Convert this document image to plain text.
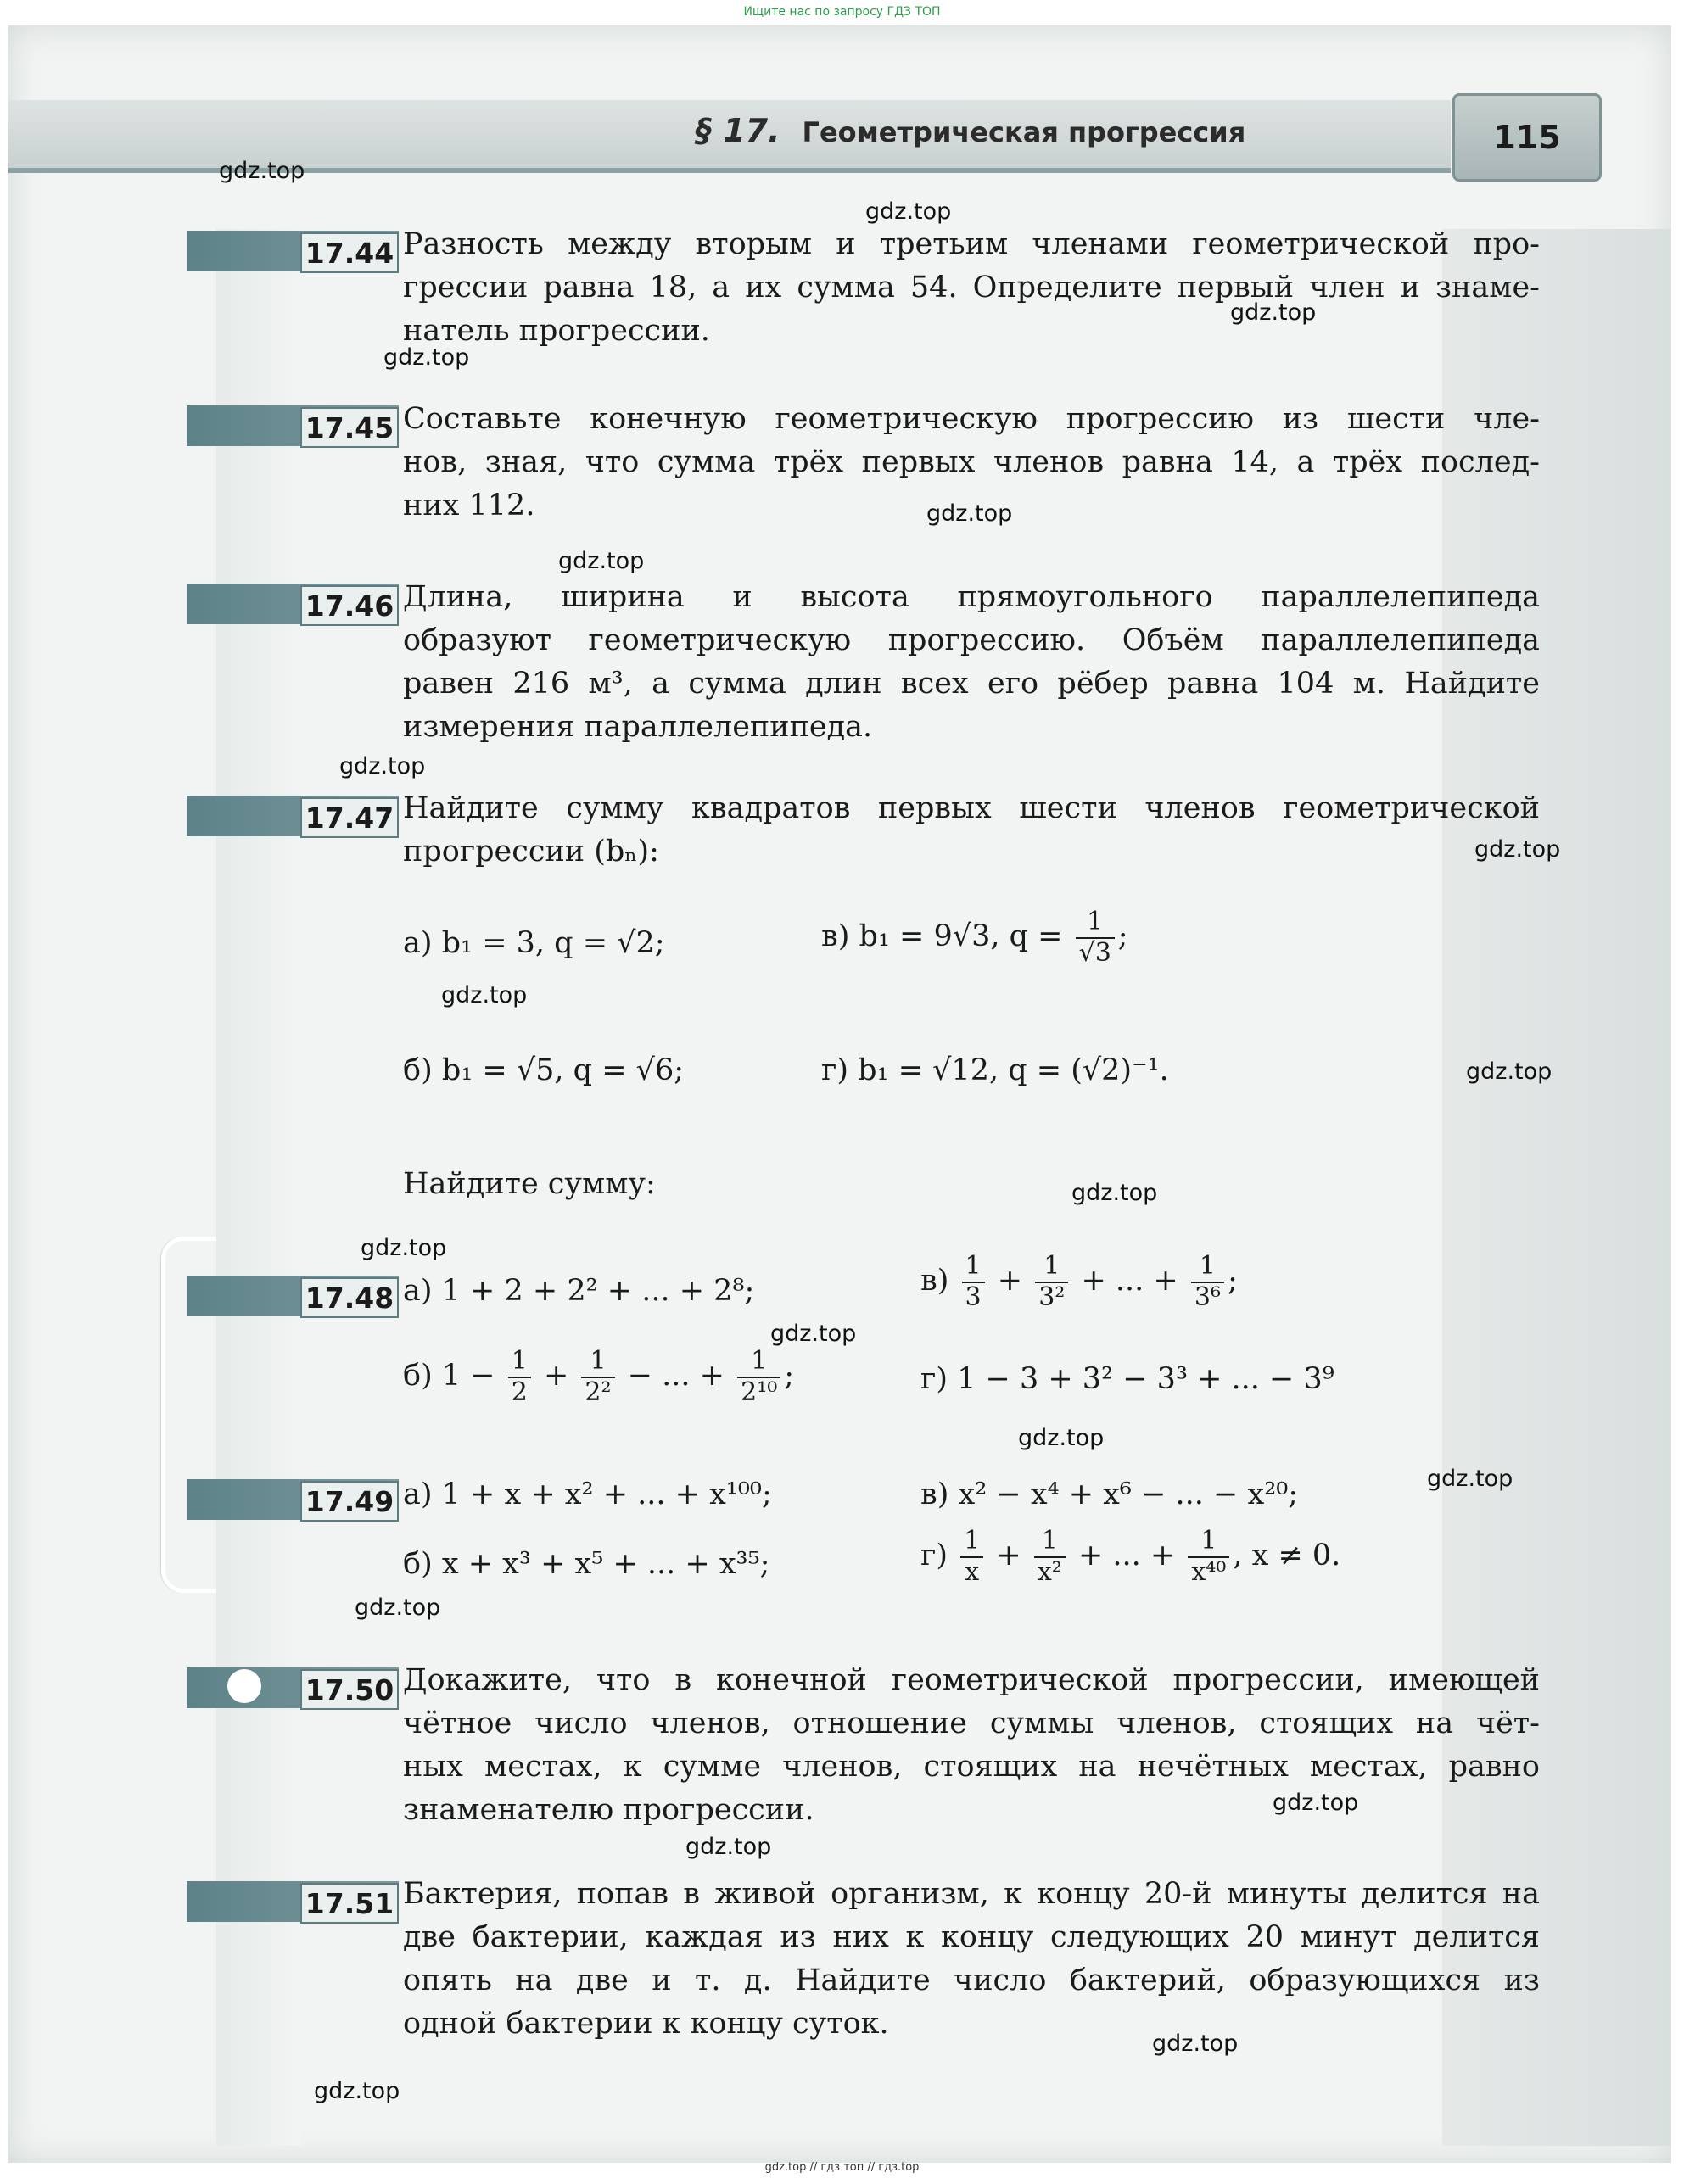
Ищите нас по запросу ГДЗ ТОП
§ 17. Геометрическая прогрессия	115
gdz.top
gdz.top
gdz.top
gdz.top
gdz.top
gdz.top
gdz.top
gdz.top
gdz.top
gdz.top
gdz.top
gdz.top
gdz.top
gdz.top
gdz.top
gdz.top
gdz.top
gdz.top
gdz.top
gdz.top
17.44 Разность между вторым и третьим членами геометрической про-
грессии равна 18, а их сумма 54. Определите первый член и знаме-
натель прогрессии.
17.45 Составьте конечную геометрическую прогрессию из шести чле-
нов, зная, что сумма трёх первых членов равна 14, а трёх послед-
них 112.
17.46 Длина, ширина и высота прямоугольного параллелепипеда
образуют геометрическую прогрессию. Объём параллелепипеда
равен 216 м³, а сумма длин всех его рёбер равна 104 м. Найдите
измерения параллелепипеда.
17.47 Найдите сумму квадратов первых шести членов геометрической
прогрессии (bₙ):
а) b₁ = 3, q = √2;	в) b₁ = 9√3, $q = \frac{1}{√3}$ ;
б) b₁ = √5, q = √6;	г) b₁ = √12, q = (√2)⁻¹.
Найдите сумму:
17.48 а) 1 + 2 + 2² + ... + 2⁸;	$в) \frac{1}{3} + \frac{1}{\text{3²}}$ + ... + $\frac{1}{\text{3⁶}}$ ;
б) $1 - \frac{1}{2} + \frac{1}{\text{2²}}$ − ... + $\frac{1}{\text{2¹⁰}}$ ;	г) 1 − 3 + 3² − 3³ + ... − 3⁹
17.49 а) 1 + x + x² + ... + x¹⁰⁰;	в) x² − x⁴ + x⁶ − ... − x²⁰;
б) x + x³ + x⁵ + ... + x³⁵;	$г) \frac{1}{x} + \frac{1}{\text{x²}}$ + ... + $\frac{1}{\text{x⁴⁰}}$ , x ≠ 0.
17.50 Докажите, что в конечной геометрической прогрессии, имеющей
чётное число членов, отношение суммы членов, стоящих на чёт-
ных местах, к сумме членов, стоящих на нечётных местах, равно
знаменателю прогрессии.
17.51 Бактерия, попав в живой организм, к концу 20-й минуты делится на
две бактерии, каждая из них к концу следующих 20 минут делится
опять на две и т. д. Найдите число бактерий, образующихся из
одной бактерии к концу суток.
gdz.top // гдз топ // гдз.top
